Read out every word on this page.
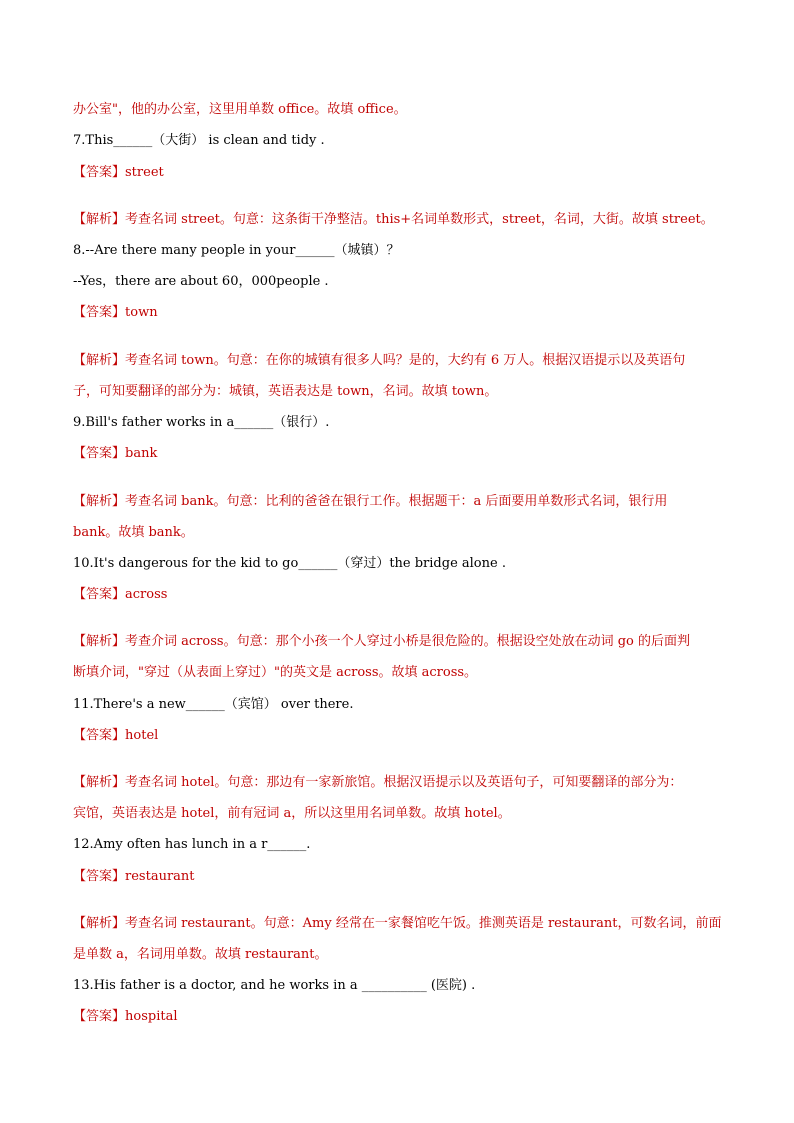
办公室"，他的办公室，这里用单数 office。故填 office。
7.This______（大街） is clean and tidy .
【答案】street
【解析】考查名词 street。句意：这条街干净整洁。this+名词单数形式，street，名词，大街。故填 street。
8.--Are there many people in your______（城镇）？
--Yes，there are about 60，000people .
【答案】town
【解析】考查名词 town。句意：在你的城镇有很多人吗？是的，大约有 6 万人。根据汉语提示以及英语句
子，可知要翻译的部分为：城镇，英语表达是 town，名词。故填 town。
9.Bill's father works in a______（银行）.
【答案】bank
【解析】考查名词 bank。句意：比利的爸爸在银行工作。根据题干：a 后面要用单数形式名词，银行用
bank。故填 bank。
10.It's dangerous for the kid to go______（穿过）the bridge alone .
【答案】across
【解析】考查介词 across。句意：那个小孩一个人穿过小桥是很危险的。根据设空处放在动词 go 的后面判
断填介词，"穿过（从表面上穿过）"的英文是 across。故填 across。
11.There's a new______（宾馆） over there.
【答案】hotel
【解析】考查名词 hotel。句意：那边有一家新旅馆。根据汉语提示以及英语句子，可知要翻译的部分为：
宾馆，英语表达是 hotel，前有冠词 a，所以这里用名词单数。故填 hotel。
12.Amy often has lunch in a r______.
【答案】restaurant
【解析】考查名词 restaurant。句意：Amy 经常在一家餐馆吃午饭。推测英语是 restaurant，可数名词，前面
是单数 a，名词用单数。故填 restaurant。
13.His father is a doctor, and he works in a __________ (医院) .
【答案】hospital
